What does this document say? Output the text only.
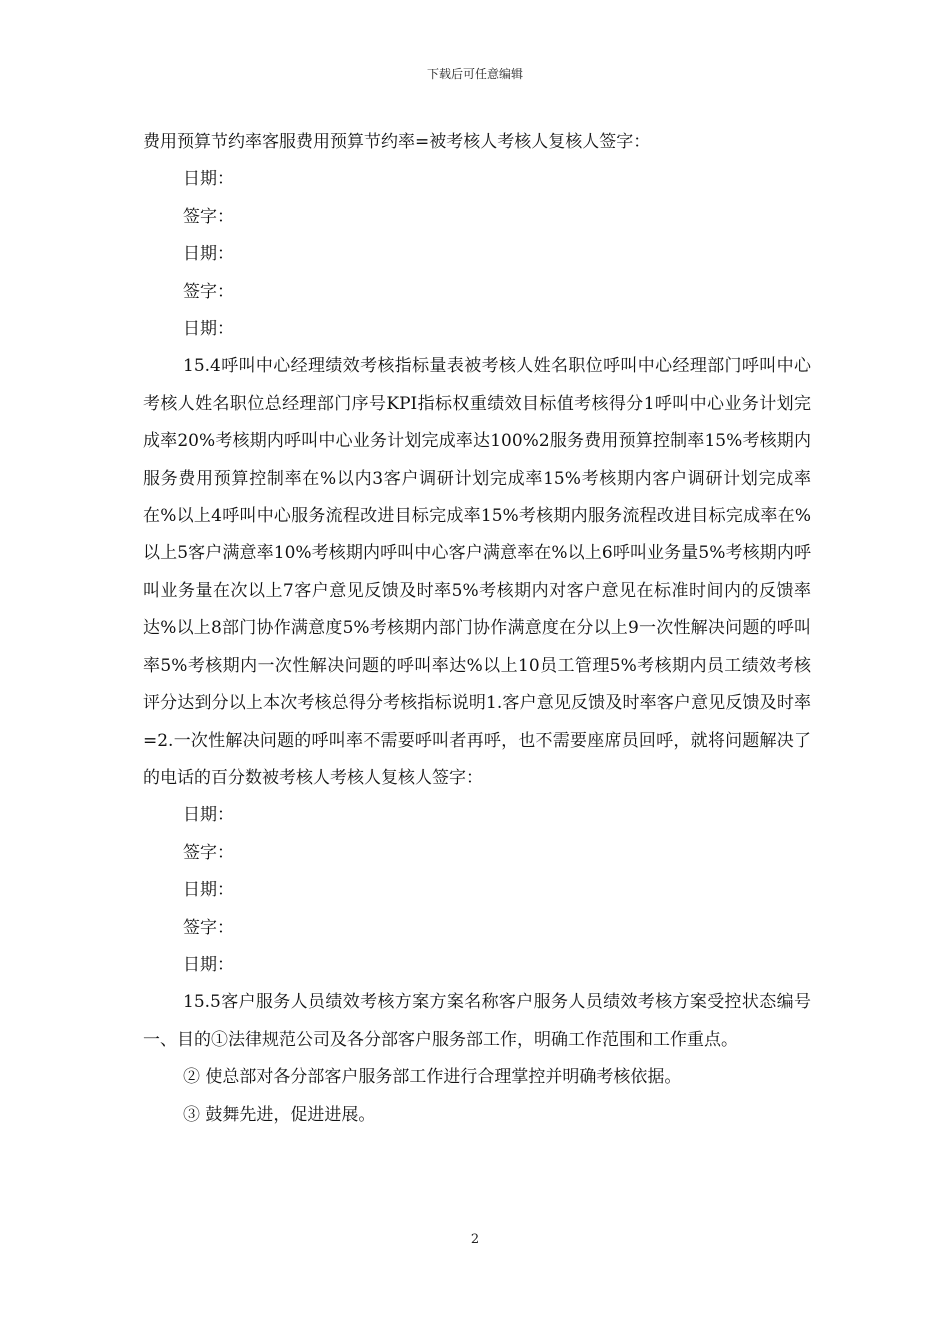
下载后可任意编辑

费用预算节约率客服费用预算节约率=被考核人考核人复核人签字：

日期：

签字：

日期：

签字：

日期：

15.4呼叫中心经理绩效考核指标量表被考核人姓名职位呼叫中心经理部门呼叫中心考核人姓名职位总经理部门序号KPI指标权重绩效目标值考核得分1呼叫中心业务计划完成率20%考核期内呼叫中心业务计划完成率达100%2服务费用预算控制率15%考核期内服务费用预算控制率在%以内3客户调研计划完成率15%考核期内客户调研计划完成率在%以上4呼叫中心服务流程改进目标完成率15%考核期内服务流程改进目标完成率在%以上5客户满意率10%考核期内呼叫中心客户满意率在%以上6呼叫业务量5%考核期内呼叫业务量在次以上7客户意见反馈及时率5%考核期内对客户意见在标准时间内的反馈率达%以上8部门协作满意度5%考核期内部门协作满意度在分以上9一次性解决问题的呼叫率5%考核期内一次性解决问题的呼叫率达%以上10员工管理5%考核期内员工绩效考核评分达到分以上本次考核总得分考核指标说明1.客户意见反馈及时率客户意见反馈及时率=2.一次性解决问题的呼叫率不需要呼叫者再呼，也不需要座席员回呼，就将问题解决了的电话的百分数被考核人考核人复核人签字：

日期：

签字：

日期：

签字：

日期：

15.5客户服务人员绩效考核方案方案名称客户服务人员绩效考核方案受控状态编号一、目的①法律规范公司及各分部客户服务部工作，明确工作范围和工作重点。

② 使总部对各分部客户服务部工作进行合理掌控并明确考核依据。

③ 鼓舞先进，促进进展。

2
